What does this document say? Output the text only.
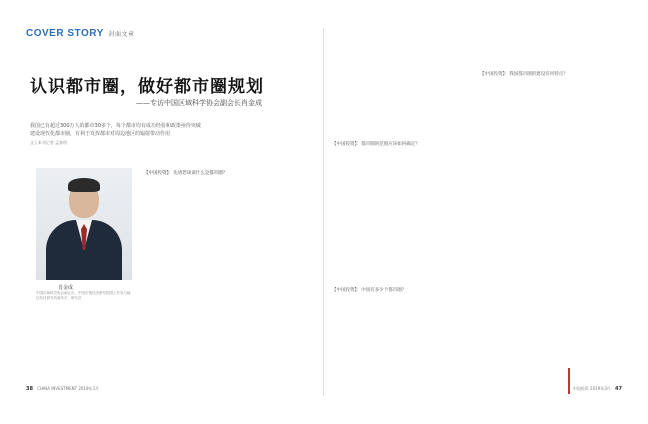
COVER STORY 封面文章
认识都市圈，做好都市圈规划
——专访中国区域科学协会副会长肖金成
我国已有超过300万人的都市30多个，每个都市均有成功经验和政策亟待突破
建设现代化都市圈，有利于发挥都市对周边地区的辐射带动作用
文 | 本刊记者 孟春明
肖金成
中国区域科学协会副会长、中国宏观经济研究院国土开发与地区经济研究所原所长、研究员
【中国投资】：先请您谈谈什么是都市圈？
38 CHINA INVESTMENT 2019年3月
【中国投资】：都市圈的范围应该如何确定？
【中国投资】：中国有多少个都市圈？
【中国投资】：我国都市圈的建设有何特点？
中国投资 2019年3月 47
